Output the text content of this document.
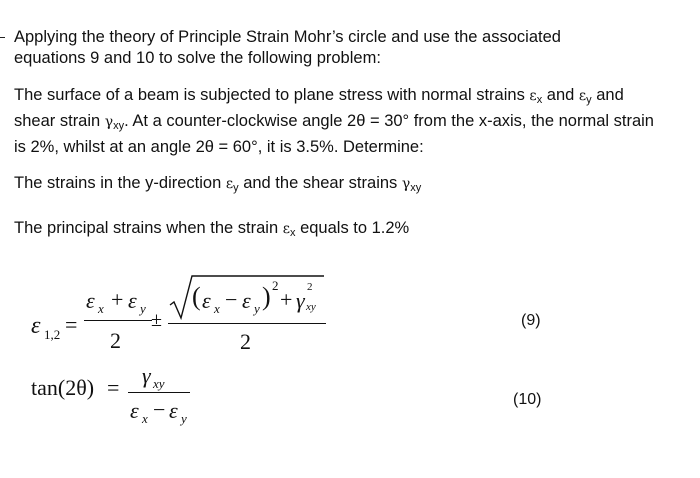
Applying the theory of Principle Strain Mohr’s circle and use the associated
equations 9 and 10 to solve the following problem:

The surface of a beam is subjected to plane stress with normal strains $\varepsilon_x$ and $\varepsilon_y$ and shear strain $\gamma_{xy}$. At a counter-clockwise angle 2θ = 30° from the x-axis, the normal strain is 2%, whilst at an angle 2θ = 60°, it is 3.5%. Determine:

The strains in the y-direction $\varepsilon_y$ and the shear strains $\gamma_{xy}$

The principal strains when the strain $\varepsilon_x$ equals to 1.2%

ε 1,2 =
ε x + ε y
2
±
( ε x − ε y ) 2
+ γ xy
2
2
(9)
tan(2θ) = γ xy
ε x − ε y
(10)
